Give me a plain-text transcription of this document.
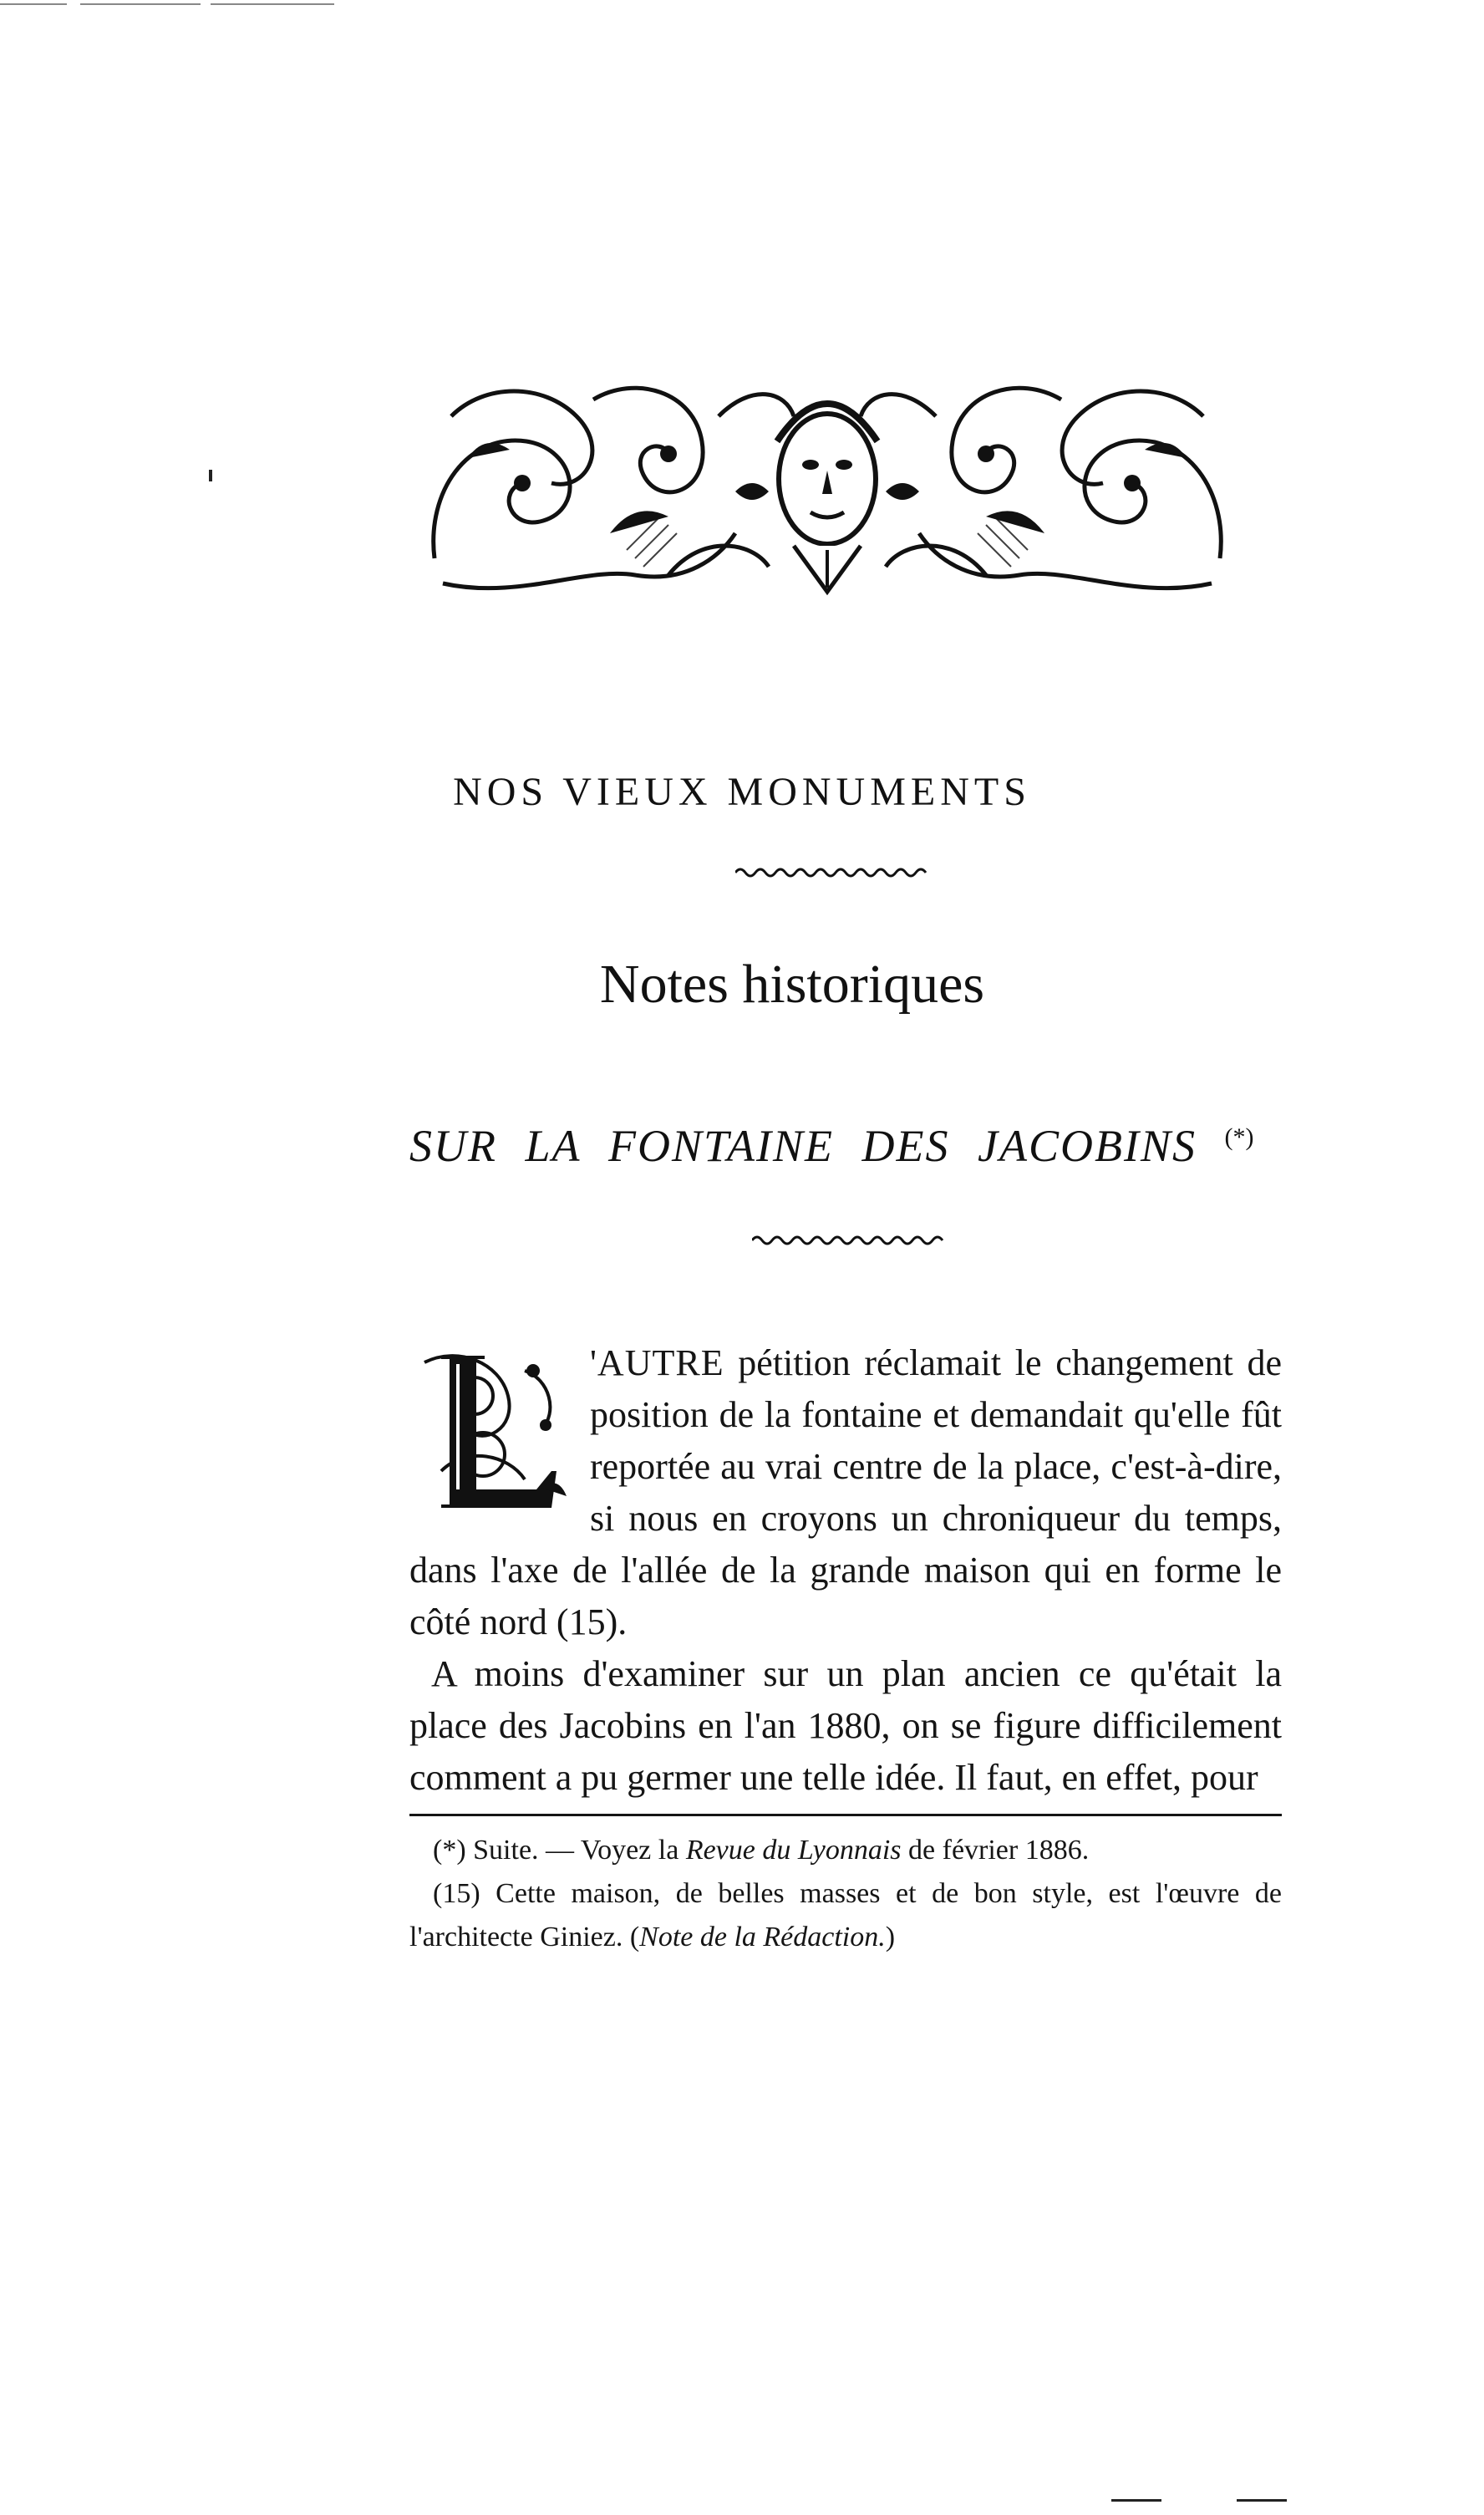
NOS VIEUX MONUMENTS
Notes historiques
SUR LA FONTAINE DES JACOBINS (*)

'AUTRE pétition réclamait le changement de position de la fontaine et demandait qu'elle fût reportée au vrai centre de la place, c'est-à-dire, si nous en croyons un chroniqueur du temps, dans l'axe de l'allée de la grande maison qui en forme le côté nord (15).

A moins d'examiner sur un plan ancien ce qu'était la place des Jacobins en l'an 1880, on se figure difficilement comment a pu germer une telle idée. Il faut, en effet, pour

(*) Suite. — Voyez la Revue du Lyonnais de février 1886.

(15) Cette maison, de belles masses et de bon style, est l'œuvre de l'architecte Giniez. (Note de la Rédaction.)
